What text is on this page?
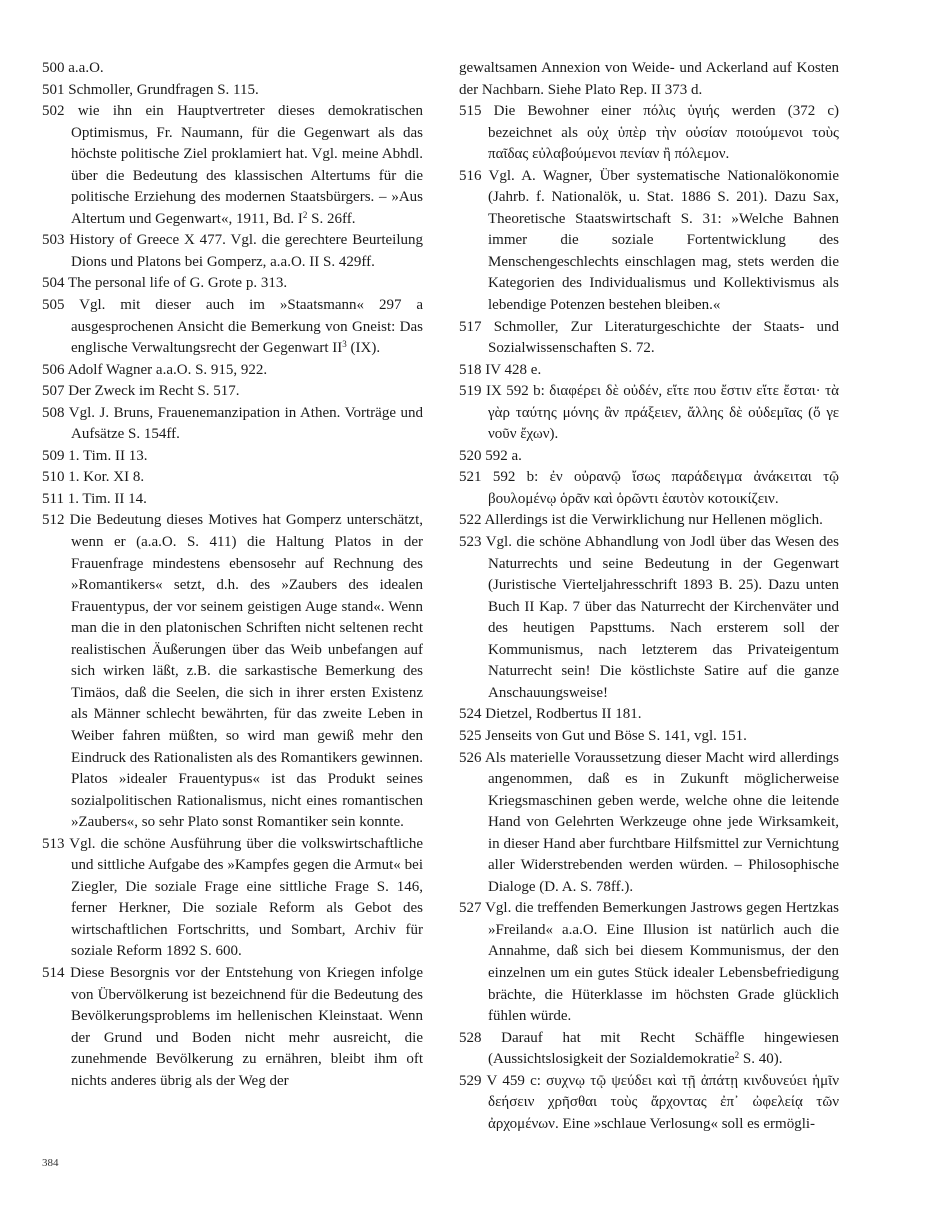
500 a.a.O.

501 Schmoller, Grundfragen S. 115.

502 wie ihn ein Hauptvertreter dieses demokratischen Optimismus, Fr. Naumann, für die Gegenwart als das höchste politische Ziel proklamiert hat. Vgl. meine Abhdl. über die Bedeutung des klassischen Altertums für die politische Erziehung des modernen Staatsbürgers. – »Aus Altertum und Gegenwart«, 1911, Bd. $I^2$ S. 26ff.

503 History of Greece X 477. Vgl. die gerechtere Beurteilung Dions und Platons bei Gomperz, a.a.O. II S. 429ff.

504 The personal life of G. Grote p. 313.

505 Vgl. mit dieser auch im »Staatsmann« 297 a ausgesprochenen Ansicht die Bemerkung von Gneist: Das englische Verwaltungsrecht der Gegenwart $II^3$ (IX).

506 Adolf Wagner a.a.O. S. 915, 922.

507 Der Zweck im Recht S. 517.

508 Vgl. J. Bruns, Frauenemanzipation in Athen. Vorträge und Aufsätze S. 154ff.

509 1. Tim. II 13.

510 1. Kor. XI 8.

511 1. Tim. II 14.

512 Die Bedeutung dieses Motives hat Gomperz unterschätzt, wenn er (a.a.O. S. 411) die Haltung Platos in der Frauenfrage mindestens ebensosehr auf Rechnung des »Romantikers« setzt, d.h. des »Zaubers des idealen Frauentypus, der vor seinem geistigen Auge stand«. Wenn man die in den platonischen Schriften nicht seltenen recht realistischen Äußerungen über das Weib unbefangen auf sich wirken läßt, z.B. die sarkastische Bemerkung des Timäos, daß die Seelen, die sich in ihrer ersten Existenz als Männer schlecht bewährten, für das zweite Leben in Weiber fahren müßten, so wird man gewiß mehr den Eindruck des Rationalisten als des Romantikers gewinnen. Platos »idealer Frauentypus« ist das Produkt seines sozialpolitischen Rationalismus, nicht eines romantischen »Zaubers«, so sehr Plato sonst Romantiker sein konnte.

513 Vgl. die schöne Ausführung über die volkswirtschaftliche und sittliche Aufgabe des »Kampfes gegen die Armut« bei Ziegler, Die soziale Frage eine sittliche Frage S. 146, ferner Herkner, Die soziale Reform als Gebot des wirtschaftlichen Fortschritts, und Sombart, Archiv für soziale Reform 1892 S. 600.

514 Diese Besorgnis vor der Entstehung von Kriegen infolge von Übervölkerung ist bezeichnend für die Bedeutung des Bevölkerungsproblems im hellenischen Kleinstaat. Wenn der Grund und Boden nicht mehr ausreicht, die zunehmende Bevölkerung zu ernähren, bleibt ihm oft nichts anderes übrig als der Weg der

gewaltsamen Annexion von Weide- und Ackerland auf Kosten der Nachbarn. Siehe Plato Rep. II 373 d.

515 Die Bewohner einer πόλις ὑγιής werden (372 c) bezeichnet als οὐχ ὑπὲρ τὴν οὐσίαν ποιούμενοι τοὺς παῖδας εὐλαβούμενοι πενίαν ἢ πόλεμον.

516 Vgl. A. Wagner, Über systematische Nationalökonomie (Jahrb. f. Nationalök, u. Stat. 1886 S. 201). Dazu Sax, Theoretische Staatswirtschaft S. 31: »Welche Bahnen immer die soziale Fortentwicklung des Menschengeschlechts einschlagen mag, stets werden die Kategorien des Individualismus und Kollektivismus als lebendige Potenzen bestehen bleiben.«

517 Schmoller, Zur Literaturgeschichte der Staats- und Sozialwissenschaften S. 72.

518 IV 428 e.

519 IX 592 b: διαφέρει δὲ οὐδέν, εἴτε που ἔστιν εἴτε ἔσται· τὰ γὰρ ταύτης μόνης ἂν πράξειεν, ἄλλης δὲ οὐδεμῖας (ὅ γε νοῦν ἔχων).

520 592 a.

521 592 b: ἐν οὐρανῷ ἴσως παράδειγμα ἀνάκειται τῷ βουλομένῳ ὁρᾶν καὶ ὁρῶντι ἑαυτὸν κοτοικίζειν.

522 Allerdings ist die Verwirklichung nur Hellenen möglich.

523 Vgl. die schöne Abhandlung von Jodl über das Wesen des Naturrechts und seine Bedeutung in der Gegenwart (Juristische Vierteljahresschrift 1893 B. 25). Dazu unten Buch II Kap. 7 über das Naturrecht der Kirchenväter und des heutigen Papsttums. Nach ersterem soll der Kommunismus, nach letzterem das Privateigentum Naturrecht sein! Die köstlichste Satire auf die ganze Anschauungsweise!

524 Dietzel, Rodbertus II 181.

525 Jenseits von Gut und Böse S. 141, vgl. 151.

526 Als materielle Voraussetzung dieser Macht wird allerdings angenommen, daß es in Zukunft möglicherweise Kriegsmaschinen geben werde, welche ohne die leitende Hand von Gelehrten Werkzeuge ohne jede Wirksamkeit, in dieser Hand aber furchtbare Hilfsmittel zur Vernichtung aller Widerstrebenden werden würden. – Philosophische Dialoge (D. A. S. 78ff.).

527 Vgl. die treffenden Bemerkungen Jastrows gegen Hertzkas »Freiland« a.a.O. Eine Illusion ist natürlich auch die Annahme, daß sich bei diesem Kommunismus, der den einzelnen um ein gutes Stück idealer Lebensbefriedigung brächte, die Hüterklasse im höchsten Grade glücklich fühlen würde.

528 Darauf hat mit Recht Schäffle hingewiesen (Aussichtslosigkeit der Sozialdemokratie$^2$ S. 40).

529 V 459 c: συχνῳ τῷ ψεύδει καὶ τῇ ἀπάτῃ κινδυνεύει ἡμῖν δεήσειν χρῆσθαι τοὺς ἄρχοντας ἐπ᾽ ὠφελείᾳ τῶν ἀρχομένων. Eine »schlaue Verlosung« soll es ermögli-

384
